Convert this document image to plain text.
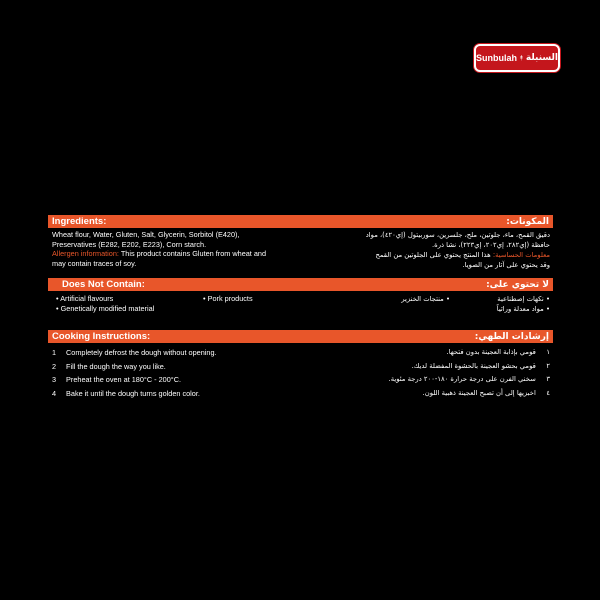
Sunbulah السنبلة
Ingredients:	المكونات:
Wheat flour, Water, Gluten, Salt, Glycerin, Sorbitol (E420),
Preservatives (E282, E202, E223), Corn starch.
Allergen information: This product contains Gluten from wheat and
may contain traces of soy.
دقيق القمح، ماء، جلوتين، ملح، جلسرين، سوربيتول (إي٤٢٠)، مواد
حافظة (إي٢٨٢، إي٢٠٢، إي٢٢٣)، نشا ذرة.
معلومات الحساسية: هذا المنتج يحتوي على الجلوتين من القمح
وقد يحتوي على آثار من الصويا.
Does Not Contain:	لا تحتوي على:
• Artificial flavours
• Genetically modified material
• Pork products
•	نكهات إصطناعية
• مواد معدلة وراثياً
• منتجات الخنزير
Cooking Instructions:	إرشادات الطهي:
1 Completely defrost the dough without opening.
2 Fill the dough the way you like.
3 Preheat the oven at 180°C - 200°C.
4 Bake it until the dough turns golden color.
١ قومي بإذابة العجينة بدون فتحها.
٢ قومي بحشو العجينة بالحشوة المفضلة لديك.
٣ سخني الفرن على درجة حرارة ١٨٠-٢٠٠ درجة مئوية.
٤ اخبزيها إلى أن تصبح العجينة ذهبية اللون.
